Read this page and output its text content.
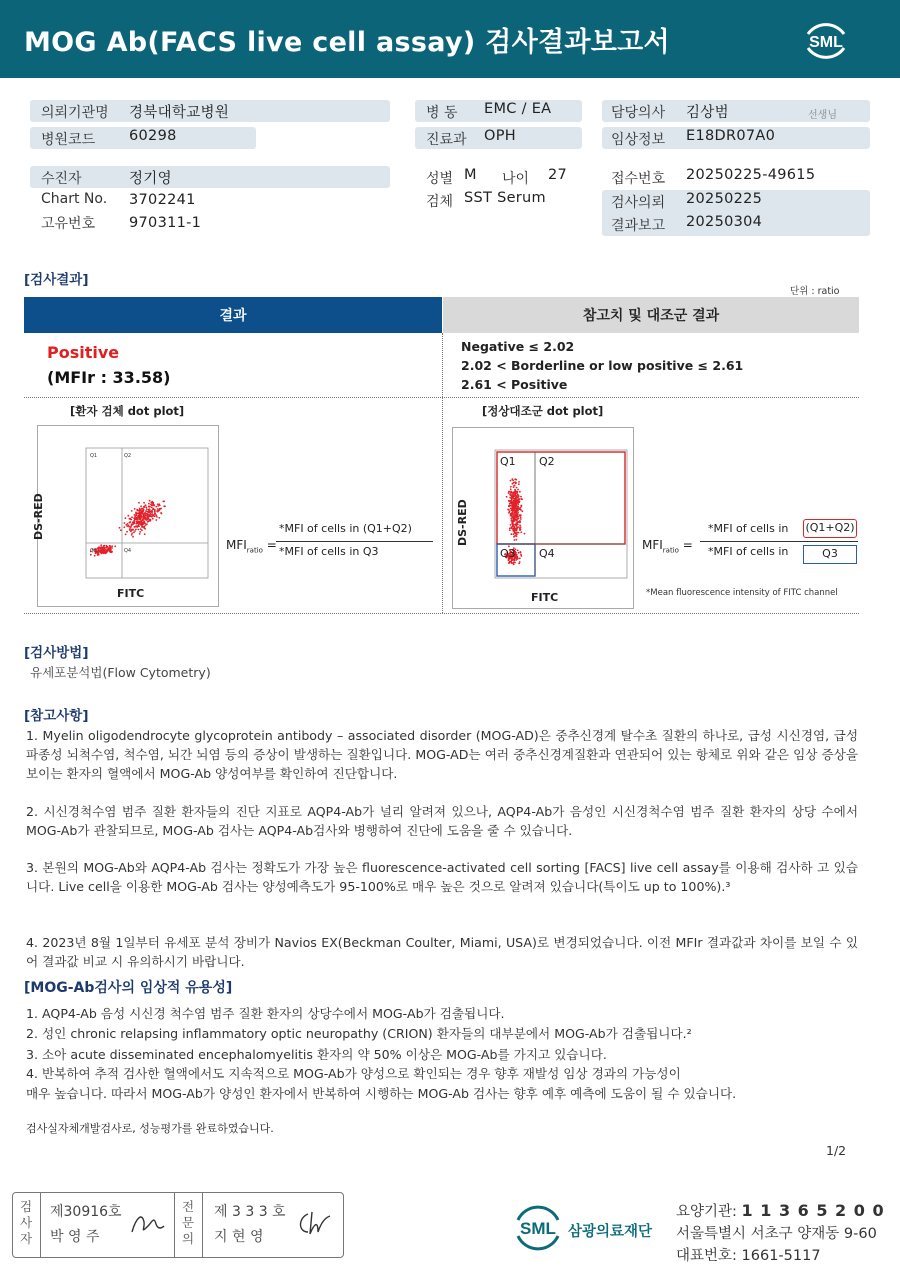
MOG Ab(FACS live cell assay) 검사결과보고서	SML
의뢰기관명 경북대학교병원
병원코드 60298
병 동 EMC / EA
진료과 OPH
담당의사 김상범	선생님
임상정보 E18DR07A0
수진자	정기영
Chart No. 3702241
고유번호 970311-1
성별 M 나이 27
검체 SST Serum
접수번호 20250225-49615
검사의뢰 20250225
결과보고 20250304
[검사결과]
단위 : ratio
결과	참고치 및 대조군 결과
Positive
(MFIr : 33.58)
Negative ≤ 2.02
2.02 < Borderline or low positive ≤ 2.61
2.61 < Positive
[환자 검체 dot plot]
Q1	Q2
Q3	Q4
DS-RED
FITC
$MFI_{ratio}$ =
*MFI of cells in (Q1+Q2)
*MFI of cells in Q3
[정상대조군 dot plot]
Q1 Q2
Q3 Q4
DS-RED
FITC
$MFI_{ratio}$ =
*MFI of cells in (Q1+Q2)
*MFI of cells in	Q3
*Mean fluorescence intensity of FITC channel
[검사방법]
유세포분석법(Flow Cytometry)
[참고사항]
1. Myelin oligodendrocyte glycoprotein antibody – associated disorder (MOG-AD)은 중추신경계 탈수초 질환의 하나로, 급성 시신경염, 급성파종성 뇌척수염, 척수염, 뇌간 뇌염 등의 증상이 발생하는 질환입니다. MOG-AD는 여러 중추신경계질환과 연관되어 있는 항체로 위와 같은 임상 증상을 보이는 환자의 혈액에서 MOG-Ab 양성여부를 확인하여 진단합니다.
2. 시신경척수염 범주 질환 환자들의 진단 지표로 AQP4-Ab가 널리 알려져 있으나, AQP4-Ab가 음성인 시신경척수염 범주 질환 환자의 상당 수에서 MOG-Ab가 관찰되므로, MOG-Ab 검사는 AQP4-Ab검사와 병행하여 진단에 도움을 줄 수 있습니다.
3. 본원의 MOG-Ab와 AQP4-Ab 검사는 정확도가 가장 높은 fluorescence-activated cell sorting [FACS] live cell assay를 이용해 검사하 고 있습니다. Live cell을 이용한 MOG-Ab 검사는 양성예측도가 95-100%로 매우 높은 것으로 알려져 있습니다(특이도 up to 100%).³
4. 2023년 8월 1일부터 유세포 분석 장비가 Navios EX(Beckman Coulter, Miami, USA)로 변경되었습니다. 이전 MFIr 결과값과 차이를 보일 수 있어 결과값 비교 시 유의하시기 바랍니다.
[MOG-Ab검사의 임상적 유용성]
1. AQP4-Ab 음성 시신경 척수염 범주 질환 환자의 상당수에서 MOG-Ab가 검출됩니다.
2. 성인 chronic relapsing inflammatory optic neuropathy (CRION) 환자들의 대부분에서 MOG-Ab가 검출됩니다.²
3. 소아 acute disseminated encephalomyelitis 환자의 약 50% 이상은 MOG-Ab를 가지고 있습니다.
4. 반복하여 추적 검사한 혈액에서도 지속적으로 MOG-Ab가 양성으로 확인되는 경우 향후 재발성 임상 경과의 가능성이
매우 높습니다. 따라서 MOG-Ab가 양성인 환자에서 반복하여 시행하는 MOG-Ab 검사는 향후 예후 예측에 도움이 될 수 있습니다.
검사실자체개발검사로, 성능평가를 완료하였습니다.
1/2
검
사
자
제30916호
박 영 주
전
문
의
제 3 3 3 호
지 현 영	SML 삼광의료재단
요양기관: 1 1 3 6 5 2 0 0
서울특별시 서초구 양재동 9-60
대표번호: 1661-5117
